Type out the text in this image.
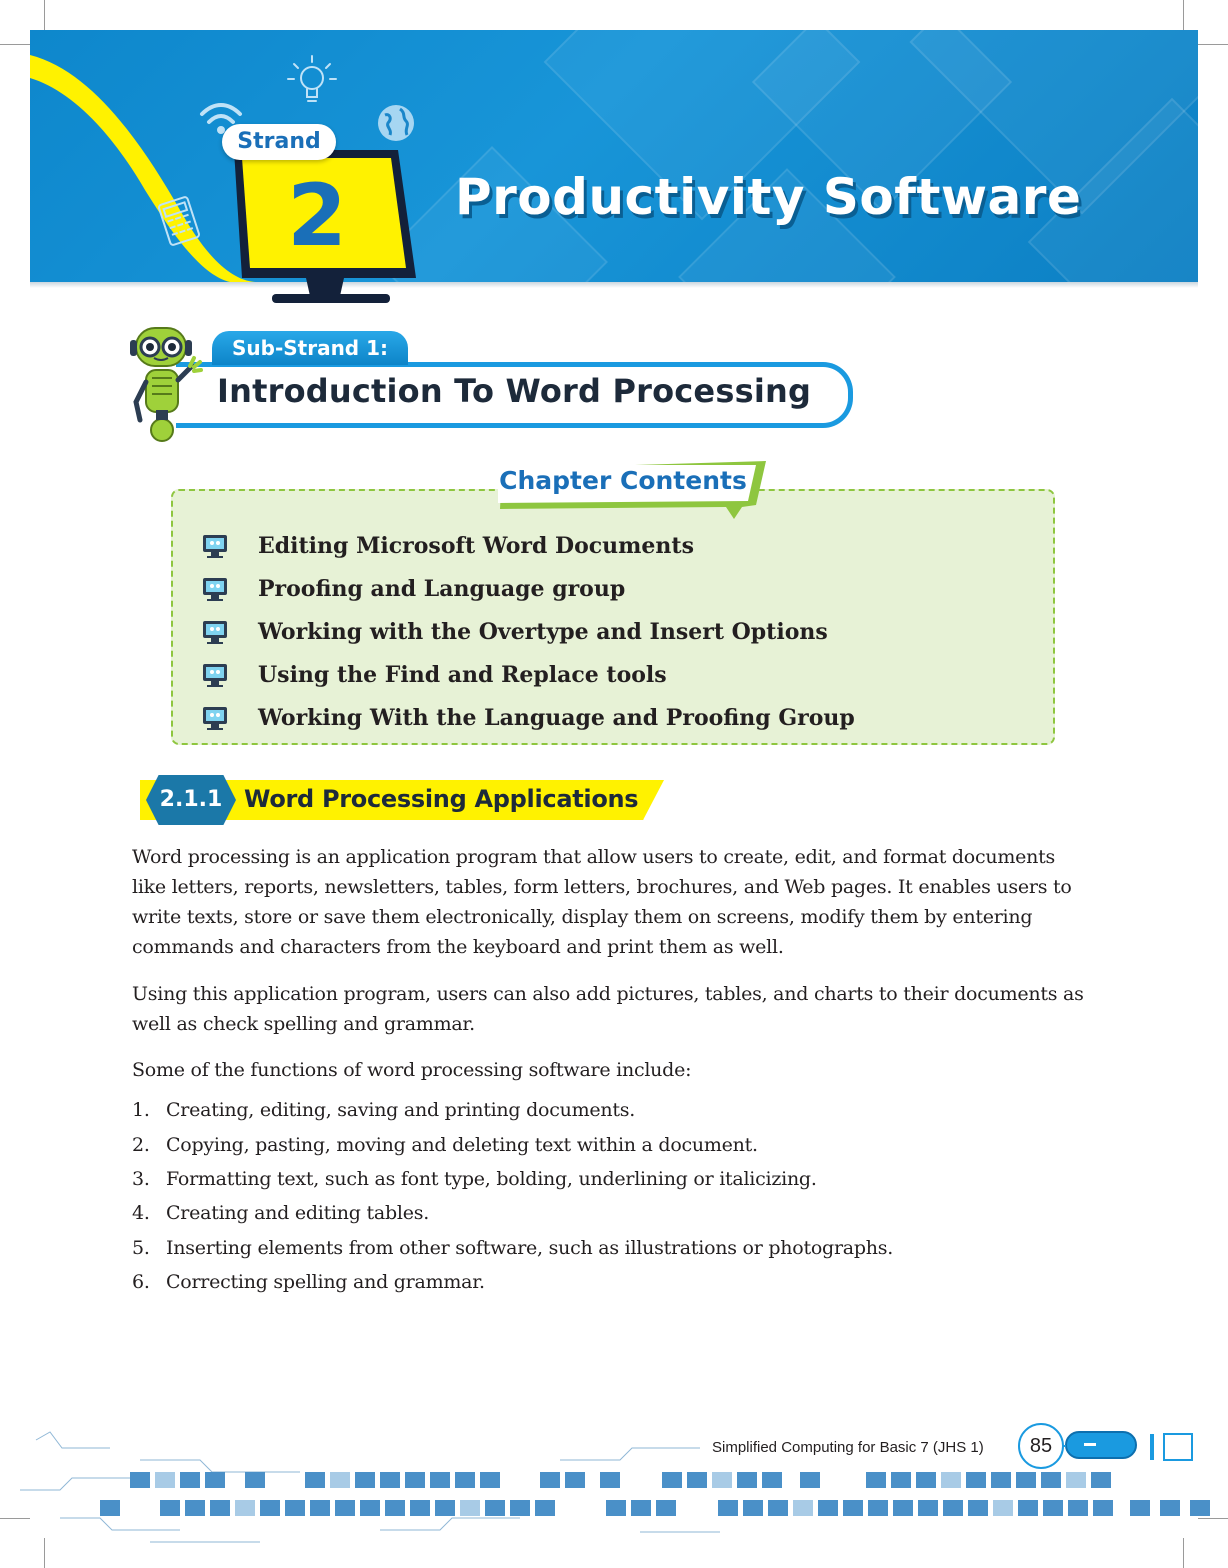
Strand
2	Productivity Software
Sub-Strand 1:
Introduction To Word Processing
Chapter Contents
Editing Microsoft Word Documents
Proofing and Language group
Working with the Overtype and Insert Options
Using the Find and Replace tools
Working With the Language and Proofing Group
2.1.1 Word Processing Applications

Word processing is an application program that allow users to create, edit, and format documents like letters, reports, newsletters, tables, form letters, brochures, and Web pages. It enables users to write texts, store or save them electronically, display them on screens, modify them by entering commands and characters from the keyboard and print them as well.

Using this application program, users can also add pictures, tables, and charts to their documents as well as check spelling and grammar.

Some of the functions of word processing software include:

1. Creating, editing, saving and printing documents.
2. Copying, pasting, moving and deleting text within a document.
3. Formatting text, such as font type, bolding, underlining or italicizing.
4. Creating and editing tables.
5. Inserting elements from other software, such as illustrations or photographs.
6. Correcting spelling and grammar.
Simplified Computing for Basic 7 (JHS 1)	85
